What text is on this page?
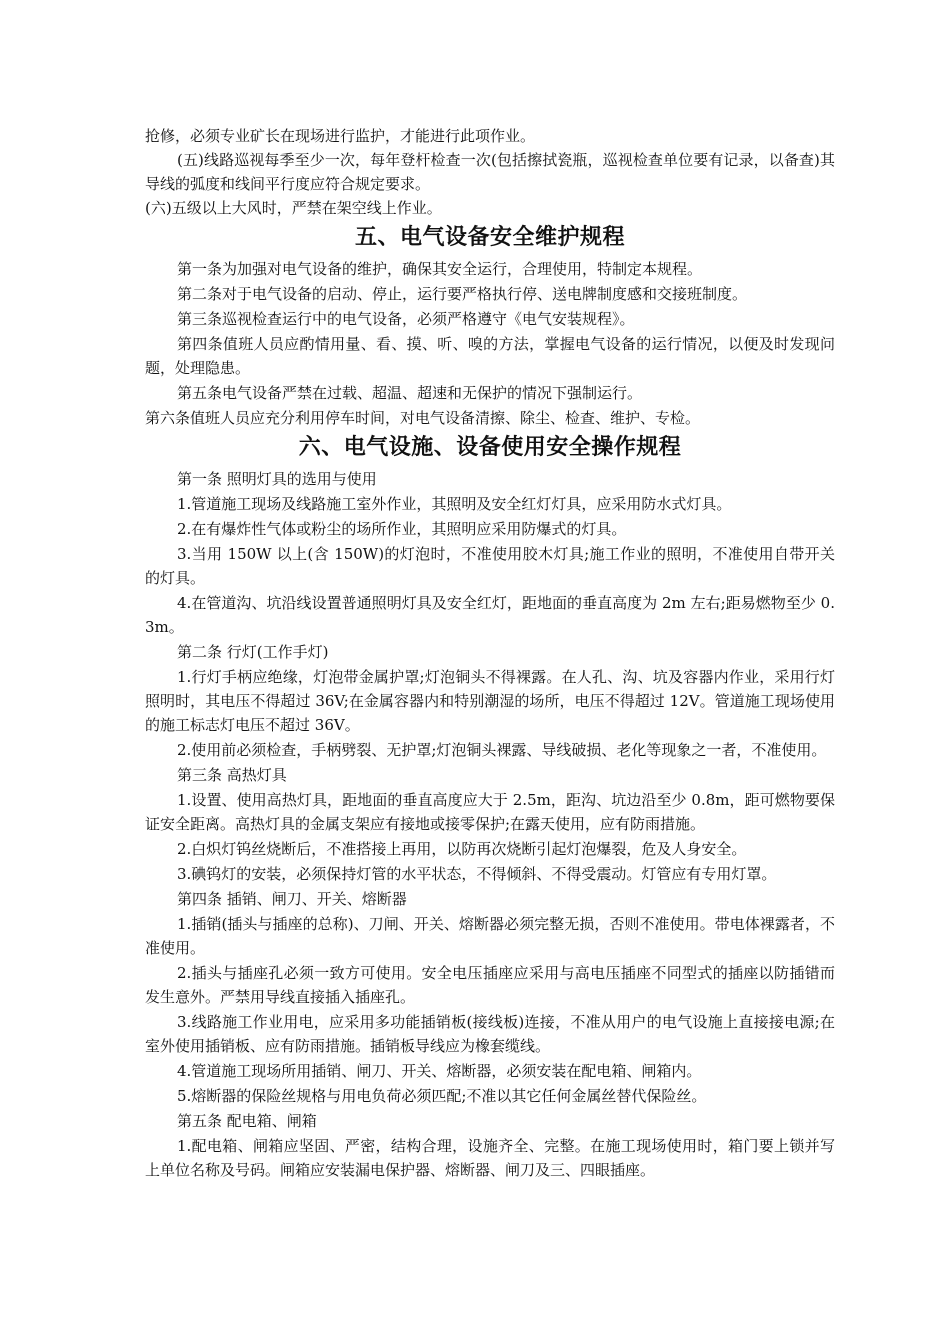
抢修，必须专业矿长在现场进行监护，才能进行此项作业。

(五)线路巡视每季至少一次，每年登杆检查一次(包括擦拭瓷瓶，巡视检查单位要有记录，以备查)其导线的弧度和线间平行度应符合规定要求。

(六)五级以上大风时，严禁在架空线上作业。

五、电气设备安全维护规程

第一条为加强对电气设备的维护，确保其安全运行，合理使用，特制定本规程。

第二条对于电气设备的启动、停止，运行要严格执行停、送电牌制度感和交接班制度。

第三条巡视检查运行中的电气设备，必须严格遵守《电气安装规程》。

第四条值班人员应酌情用量、看、摸、听、嗅的方法，掌握电气设备的运行情况，以便及时发现问题，处理隐患。

第五条电气设备严禁在过载、超温、超速和无保护的情况下强制运行。

第六条值班人员应充分利用停车时间，对电气设备清擦、除尘、检查、维护、专检。

六、电气设施、设备使用安全操作规程

第一条 照明灯具的选用与使用

1.管道施工现场及线路施工室外作业，其照明及安全红灯灯具，应采用防水式灯具。

2.在有爆炸性气体或粉尘的场所作业，其照明应采用防爆式的灯具。

3.当用 150W 以上(含 150W)的灯泡时，不准使用胶木灯具;施工作业的照明，不准使用自带开关的灯具。

4.在管道沟、坑沿线设置普通照明灯具及安全红灯，距地面的垂直高度为 2m 左右;距易燃物至少 0.3m。

第二条 行灯(工作手灯)

1.行灯手柄应绝缘，灯泡带金属护罩;灯泡铜头不得裸露。在人孔、沟、坑及容器内作业，采用行灯照明时，其电压不得超过 36V;在金属容器内和特别潮湿的场所，电压不得超过 12V。管道施工现场使用的施工标志灯电压不超过 36V。

2.使用前必须检查，手柄劈裂、无护罩;灯泡铜头裸露、导线破损、老化等现象之一者，不准使用。

第三条 高热灯具

1.设置、使用高热灯具，距地面的垂直高度应大于 2.5m，距沟、坑边沿至少 0.8m，距可燃物要保证安全距离。高热灯具的金属支架应有接地或接零保护;在露天使用，应有防雨措施。

2.白炽灯钨丝烧断后，不准搭接上再用，以防再次烧断引起灯泡爆裂，危及人身安全。

3.碘钨灯的安装，必须保持灯管的水平状态，不得倾斜、不得受震动。灯管应有专用灯罩。

第四条 插销、闸刀、开关、熔断器

1.插销(插头与插座的总称)、刀闸、开关、熔断器必须完整无损，否则不准使用。带电体裸露者，不准使用。

2.插头与插座孔必须一致方可使用。安全电压插座应采用与高电压插座不同型式的插座以防插错而发生意外。严禁用导线直接插入插座孔。

3.线路施工作业用电，应采用多功能插销板(接线板)连接，不准从用户的电气设施上直接接电源;在室外使用插销板、应有防雨措施。插销板导线应为橡套缆线。

4.管道施工现场所用插销、闸刀、开关、熔断器，必须安装在配电箱、闸箱内。

5.熔断器的保险丝规格与用电负荷必须匹配;不准以其它任何金属丝替代保险丝。

第五条 配电箱、闸箱

1.配电箱、闸箱应坚固、严密，结构合理，设施齐全、完整。在施工现场使用时，箱门要上锁并写上单位名称及号码。闸箱应安装漏电保护器、熔断器、闸刀及三、四眼插座。
